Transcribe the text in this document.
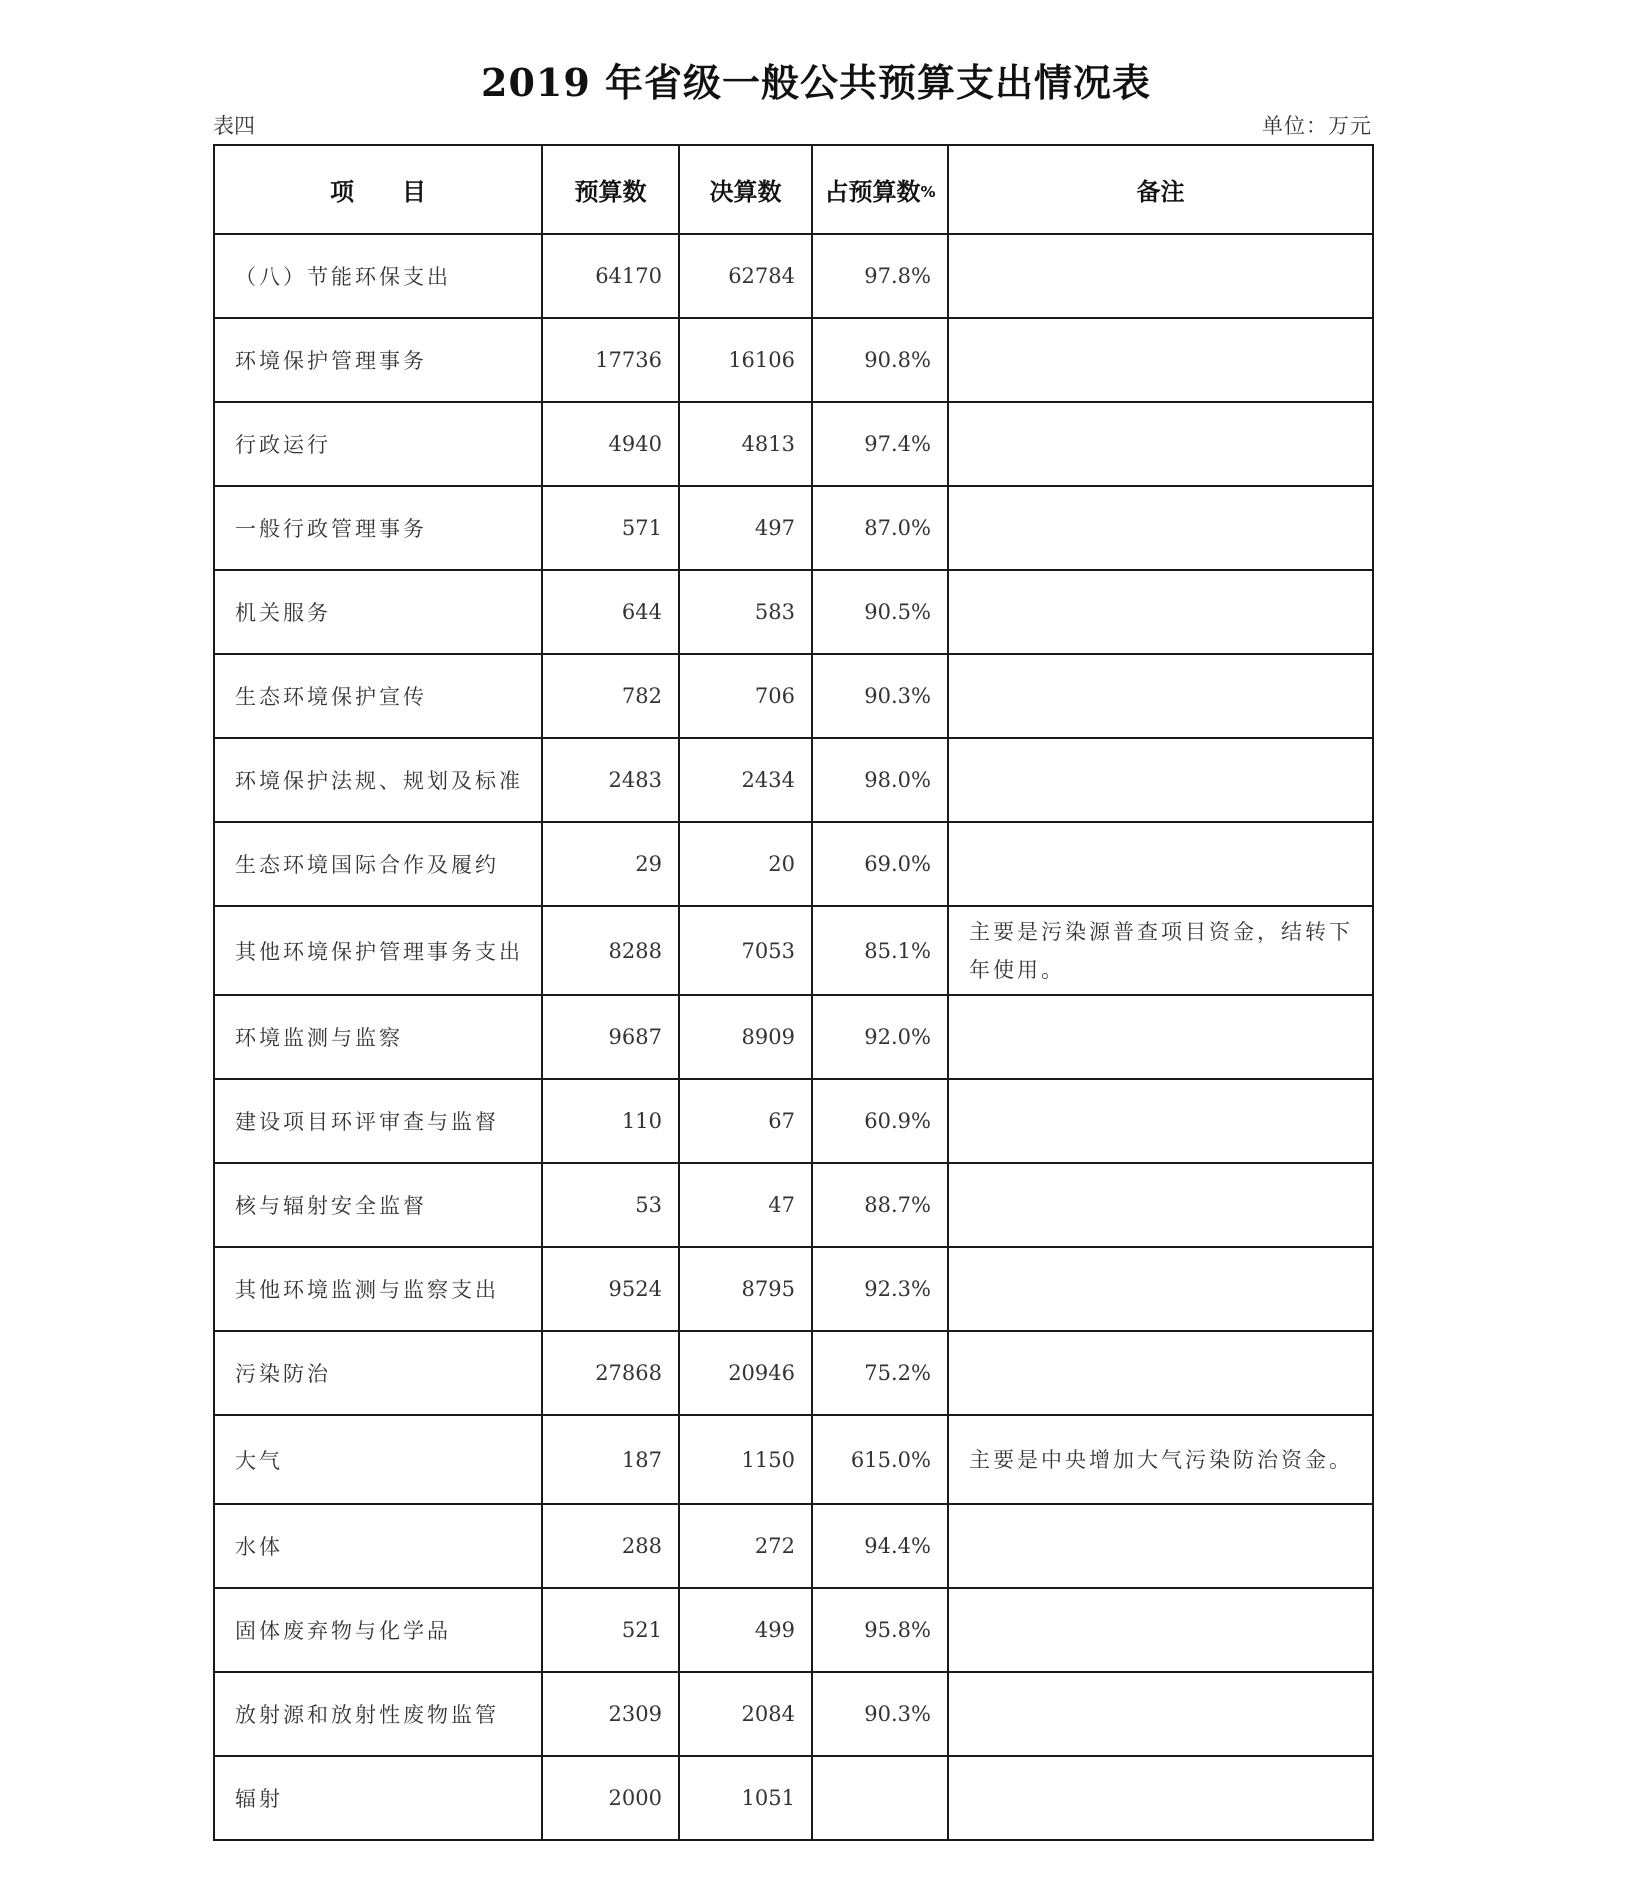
2019 年省级一般公共预算支出情况表
表四	单位：万元
项　　目	预算数	决算数	占预算数%	备注
（八）节能环保支出	64170	62784	97.8%	
环境保护管理事务	17736	16106	90.8%	
行政运行	4940	4813	97.4%	
一般行政管理事务	571	497	87.0%	
机关服务	644	583	90.5%	
生态环境保护宣传	782	706	90.3%	
环境保护法规、规划及标准	2483	2434	98.0%	
生态环境国际合作及履约	29	20	69.0%	
其他环境保护管理事务支出	8288	7053	85.1%	主要是污染源普查项目资金，结转下年使用。
环境监测与监察	9687	8909	92.0%	
建设项目环评审查与监督	110	67	60.9%	
核与辐射安全监督	53	47	88.7%	
其他环境监测与监察支出	9524	8795	92.3%	
污染防治	27868	20946	75.2%	
大气	187	1150	615.0%	主要是中央增加大气污染防治资金。
水体	288	272	94.4%	
固体废弃物与化学品	521	499	95.8%	
放射源和放射性废物监管	2309	2084	90.3%	
辐射	2000	1051		
